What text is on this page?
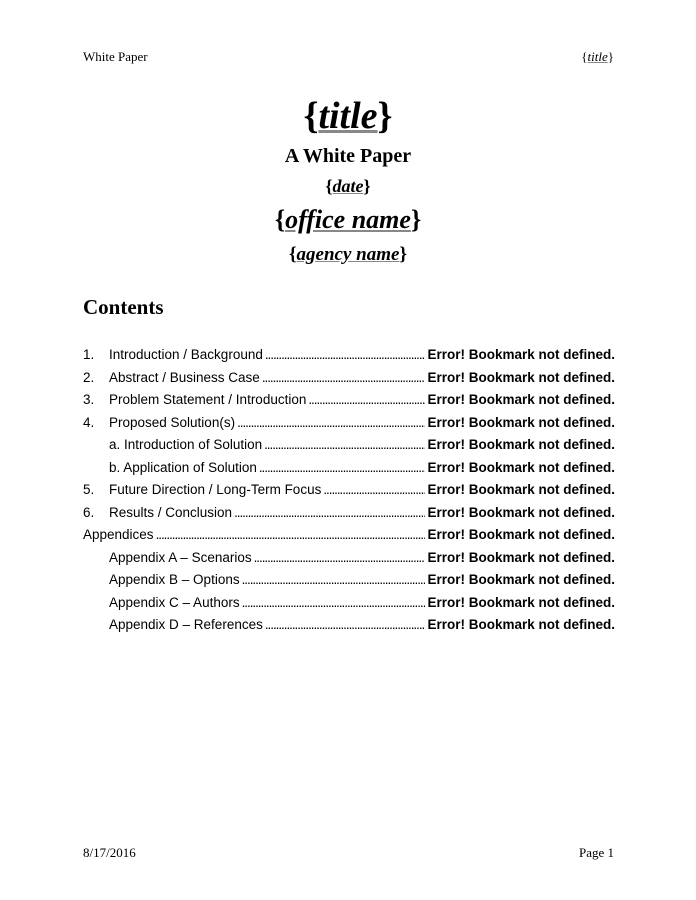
White Paper	{title}
{title}
A White Paper
{date}
{office name}
{agency name}
Contents
1.	Introduction / Background . . .	Error! Bookmark not defined.
2.	Abstract / Business Case . . .	Error! Bookmark not defined.
3.	Problem Statement / Introduction . . .	Error! Bookmark not defined.
4.	Proposed Solution(s) . . .	Error! Bookmark not defined.
a. Introduction of Solution . . .	Error! Bookmark not defined.
b. Application of Solution . . .	Error! Bookmark not defined.
5.	Future Direction / Long-Term Focus . . .	Error! Bookmark not defined.
6.	Results / Conclusion . . .	Error! Bookmark not defined.
Appendices . . .	Error! Bookmark not defined.
Appendix A – Scenarios . . .	Error! Bookmark not defined.
Appendix B – Options . . .	Error! Bookmark not defined.
Appendix C – Authors . . .	Error! Bookmark not defined.
Appendix D – References . . .	Error! Bookmark not defined.
8/17/2016	Page 1
